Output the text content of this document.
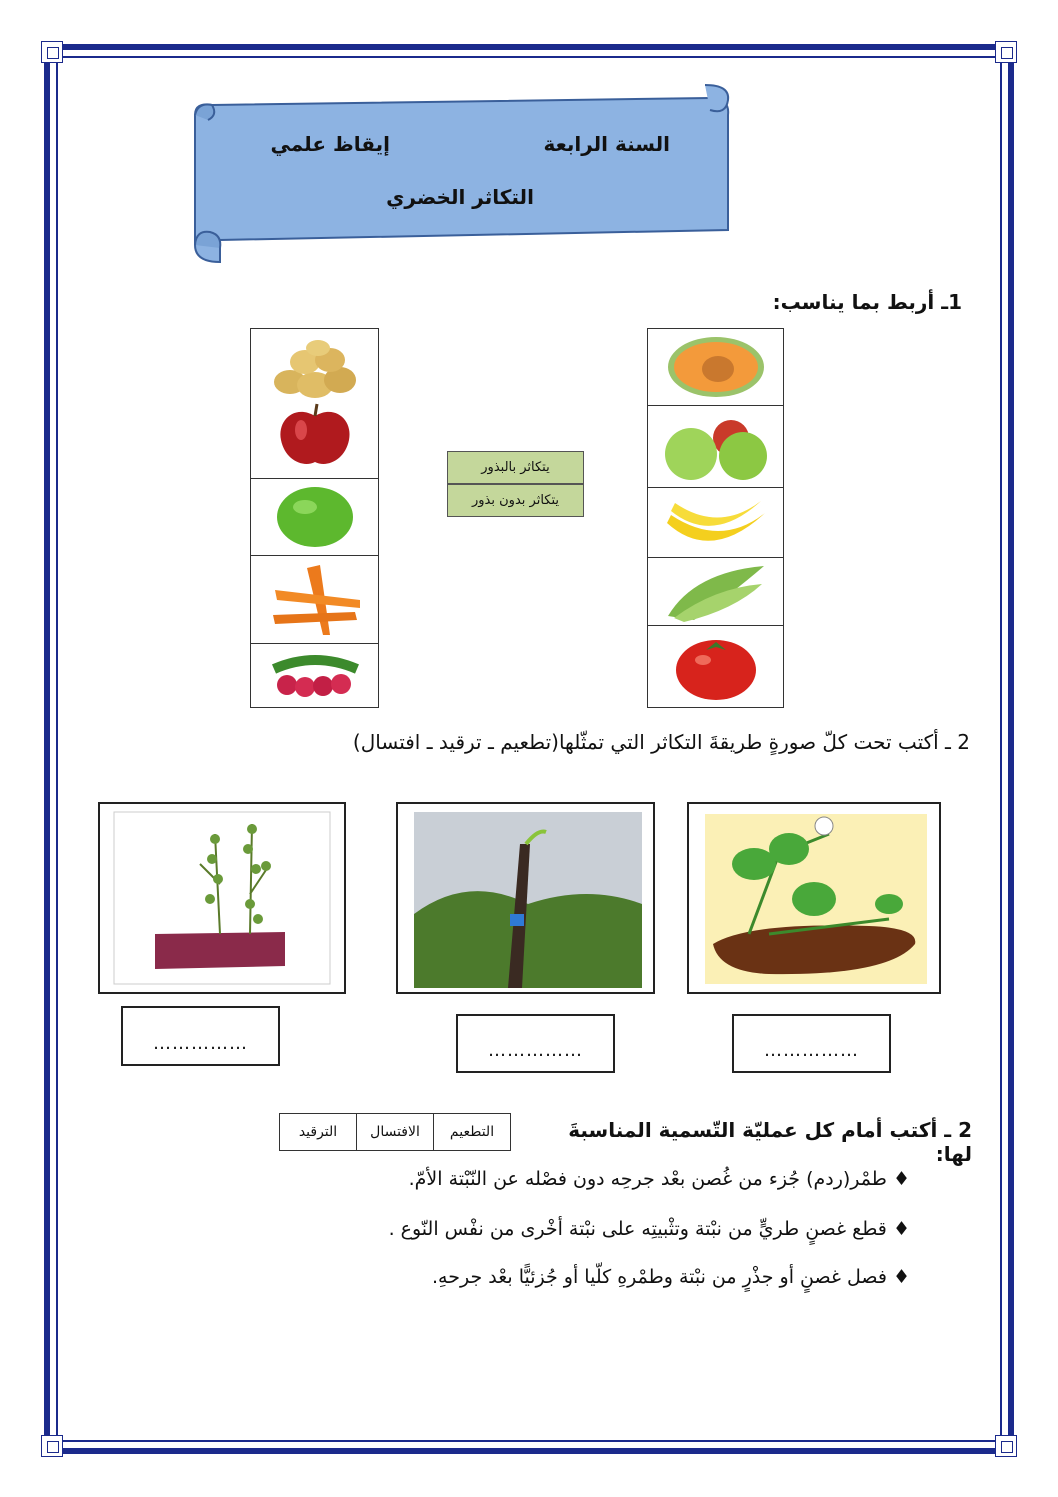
السنة الرابعة
إيقاظ علمي
التكاثر الخضري
1ـ أربط بما يناسب:
يتكاثر بالبذور
يتكاثر بدون بذور
2 ـ أكتب تحت كلّ صورةٍ طريقةَ التكاثر التي تمثّلها(تطعيم ـ ترقيد ـ افتسال)
……………	……………	……………
2 ـ أكتب أمام كل عمليّة التّسمية المناسبةَ لها:
التطعيم
الافتسال
الترقيد
♦ طمْر(ردم) جُزء من غُصن بعْد جرحِه دون فصْله عن النّبْتة الأمّ.
♦ قطع غصنٍ طريٍّ من نبْتة وتثْبيتِه على نبْتة أخْرى من نفْس النّوع .
♦ فصل غصنٍ أو جذْرٍ من نبْتة وطمْرهِ كلّيا أو جُزئيًّا بعْد جرحهِ.
